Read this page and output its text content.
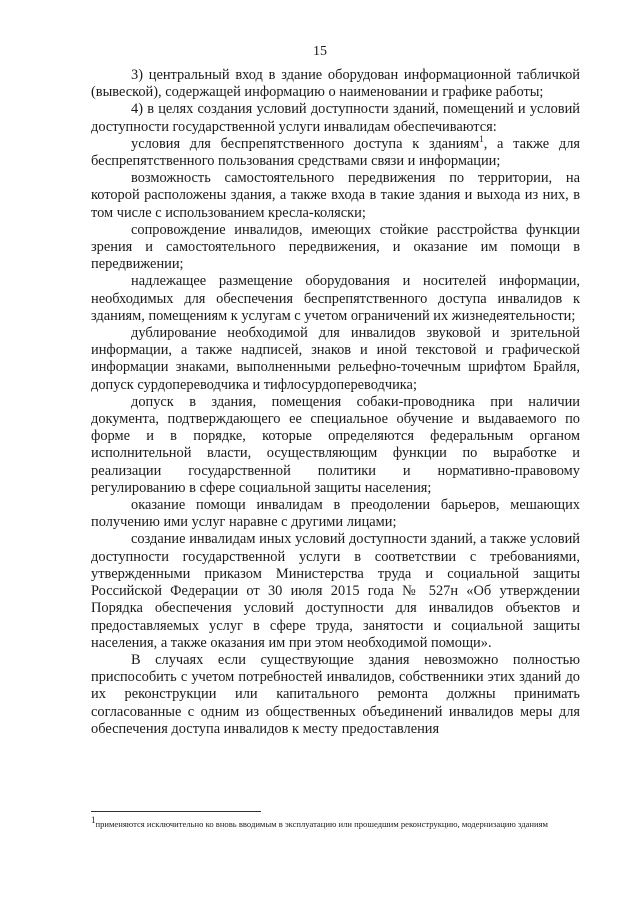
15

3) центральный вход в здание оборудован информационной табличкой (вывеской), содержащей информацию о наименовании и графике работы;

4) в целях создания условий доступности зданий, помещений и условий доступности государственной услуги инвалидам обеспечиваются:

условия для беспрепятственного доступа к зданиям$^1$, а также для беспрепятственного пользования средствами связи и информации;

возможность самостоятельного передвижения по территории, на которой расположены здания, а также входа в такие здания и выхода из них, в том числе с использованием кресла-коляски;

сопровождение инвалидов, имеющих стойкие расстройства функции зрения и самостоятельного передвижения, и оказание им помощи в передвижении;

надлежащее размещение оборудования и носителей информации, необходимых для обеспечения беспрепятственного доступа инвалидов к зданиям, помещениям к услугам с учетом ограничений их жизнедеятельности;

дублирование необходимой для инвалидов звуковой и зрительной информации, а также надписей, знаков и иной текстовой и графической информации знаками, выполненными рельефно-точечным шрифтом Брайля, допуск сурдопереводчика и тифлосурдопереводчика;

допуск в здания, помещения собаки-проводника при наличии документа, подтверждающего ее специальное обучение и выдаваемого по форме и в порядке, которые определяются федеральным органом исполнительной власти, осуществляющим функции по выработке и реализации государственной политики и нормативно-правовому регулированию в сфере социальной защиты населения;

оказание помощи инвалидам в преодолении барьеров, мешающих получению ими услуг наравне с другими лицами;

создание инвалидам иных условий доступности зданий, а также условий доступности государственной услуги в соответствии с требованиями, утвержденными приказом Министерства труда и социальной защиты Российской Федерации от 30 июля 2015 года № 527н «Об утверждении Порядка обеспечения условий доступности для инвалидов объектов и предоставляемых услуг в сфере труда, занятости и социальной защиты населения, а также оказания им при этом необходимой помощи».

В случаях если существующие здания невозможно полностью приспособить с учетом потребностей инвалидов, собственники этих зданий до их реконструкции или капитального ремонта должны принимать согласованные с одним из общественных объединений инвалидов меры для обеспечения доступа инвалидов к месту предоставления

$^1$применяются исключительно ко вновь вводимым в эксплуатацию или прошедшим реконструкцию, модернизацию зданиям
